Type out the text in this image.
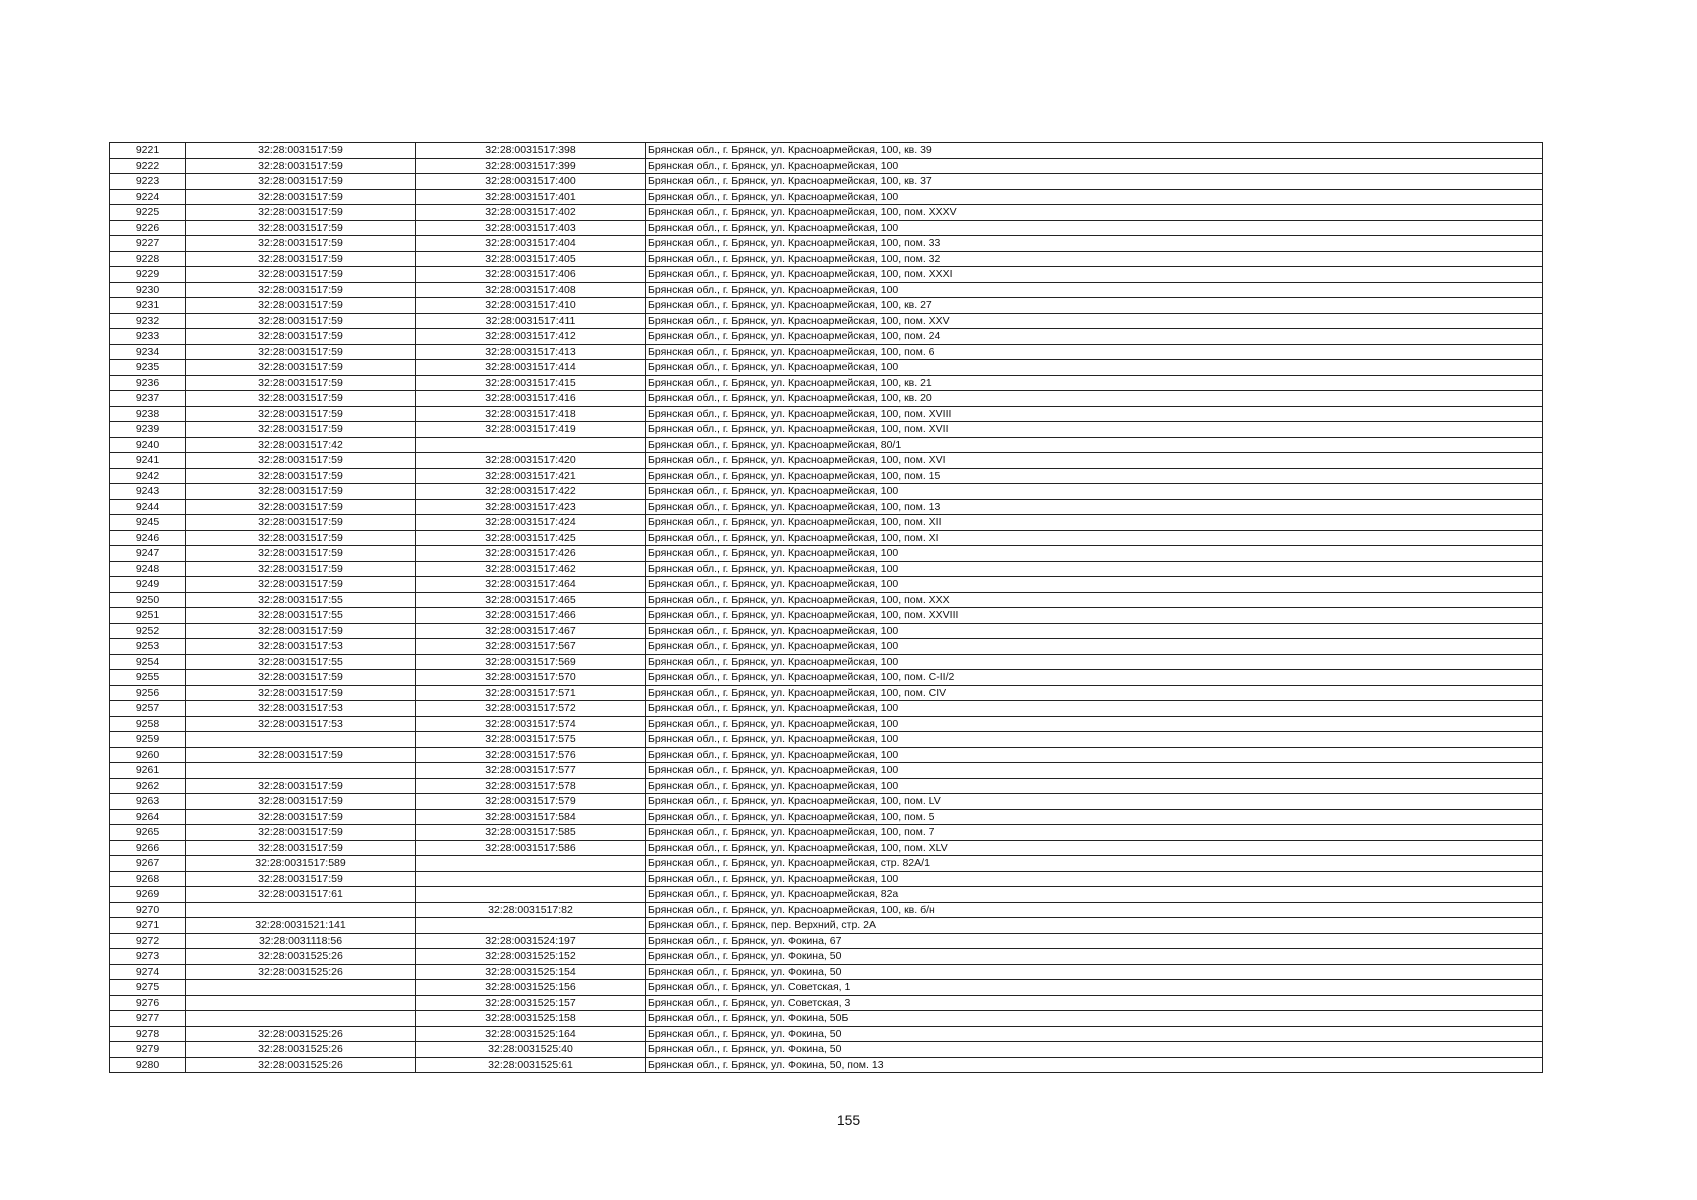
9221	32:28:0031517:59	32:28:0031517:398	Брянская обл., г. Брянск, ул. Красноармейская, 100, кв. 39
9222	32:28:0031517:59	32:28:0031517:399	Брянская обл., г. Брянск, ул. Красноармейская, 100
9223	32:28:0031517:59	32:28:0031517:400	Брянская обл., г. Брянск, ул. Красноармейская, 100, кв. 37
9224	32:28:0031517:59	32:28:0031517:401	Брянская обл., г. Брянск, ул. Красноармейская, 100
9225	32:28:0031517:59	32:28:0031517:402	Брянская обл., г. Брянск, ул. Красноармейская, 100, пом. XXXV
9226	32:28:0031517:59	32:28:0031517:403	Брянская обл., г. Брянск, ул. Красноармейская, 100
9227	32:28:0031517:59	32:28:0031517:404	Брянская обл., г. Брянск, ул. Красноармейская, 100, пом. 33
9228	32:28:0031517:59	32:28:0031517:405	Брянская обл., г. Брянск, ул. Красноармейская, 100, пом. 32
9229	32:28:0031517:59	32:28:0031517:406	Брянская обл., г. Брянск, ул. Красноармейская, 100, пом. XXXI
9230	32:28:0031517:59	32:28:0031517:408	Брянская обл., г. Брянск, ул. Красноармейская, 100
9231	32:28:0031517:59	32:28:0031517:410	Брянская обл., г. Брянск, ул. Красноармейская, 100, кв. 27
9232	32:28:0031517:59	32:28:0031517:411	Брянская обл., г. Брянск, ул. Красноармейская, 100, пом. XXV
9233	32:28:0031517:59	32:28:0031517:412	Брянская обл., г. Брянск, ул. Красноармейская, 100, пом. 24
9234	32:28:0031517:59	32:28:0031517:413	Брянская обл., г. Брянск, ул. Красноармейская, 100, пом. 6
9235	32:28:0031517:59	32:28:0031517:414	Брянская обл., г. Брянск, ул. Красноармейская, 100
9236	32:28:0031517:59	32:28:0031517:415	Брянская обл., г. Брянск, ул. Красноармейская, 100, кв. 21
9237	32:28:0031517:59	32:28:0031517:416	Брянская обл., г. Брянск, ул. Красноармейская, 100, кв. 20
9238	32:28:0031517:59	32:28:0031517:418	Брянская обл., г. Брянск, ул. Красноармейская, 100, пом. XVIII
9239	32:28:0031517:59	32:28:0031517:419	Брянская обл., г. Брянск, ул. Красноармейская, 100, пом. XVII
9240	32:28:0031517:42		Брянская обл., г. Брянск, ул. Красноармейская, 80/1
9241	32:28:0031517:59	32:28:0031517:420	Брянская обл., г. Брянск, ул. Красноармейская, 100, пом. XVI
9242	32:28:0031517:59	32:28:0031517:421	Брянская обл., г. Брянск, ул. Красноармейская, 100, пом. 15
9243	32:28:0031517:59	32:28:0031517:422	Брянская обл., г. Брянск, ул. Красноармейская, 100
9244	32:28:0031517:59	32:28:0031517:423	Брянская обл., г. Брянск, ул. Красноармейская, 100, пом. 13
9245	32:28:0031517:59	32:28:0031517:424	Брянская обл., г. Брянск, ул. Красноармейская, 100, пом. XII
9246	32:28:0031517:59	32:28:0031517:425	Брянская обл., г. Брянск, ул. Красноармейская, 100, пом. XI
9247	32:28:0031517:59	32:28:0031517:426	Брянская обл., г. Брянск, ул. Красноармейская, 100
9248	32:28:0031517:59	32:28:0031517:462	Брянская обл., г. Брянск, ул. Красноармейская, 100
9249	32:28:0031517:59	32:28:0031517:464	Брянская обл., г. Брянск, ул. Красноармейская, 100
9250	32:28:0031517:55	32:28:0031517:465	Брянская обл., г. Брянск, ул. Красноармейская, 100, пом. XXX
9251	32:28:0031517:55	32:28:0031517:466	Брянская обл., г. Брянск, ул. Красноармейская, 100, пом. XXVIII
9252	32:28:0031517:59	32:28:0031517:467	Брянская обл., г. Брянск, ул. Красноармейская, 100
9253	32:28:0031517:53	32:28:0031517:567	Брянская обл., г. Брянск, ул. Красноармейская, 100
9254	32:28:0031517:55	32:28:0031517:569	Брянская обл., г. Брянск, ул. Красноармейская, 100
9255	32:28:0031517:59	32:28:0031517:570	Брянская обл., г. Брянск, ул. Красноармейская, 100, пом. С-II/2
9256	32:28:0031517:59	32:28:0031517:571	Брянская обл., г. Брянск, ул. Красноармейская, 100, пом. CIV
9257	32:28:0031517:53	32:28:0031517:572	Брянская обл., г. Брянск, ул. Красноармейская, 100
9258	32:28:0031517:53	32:28:0031517:574	Брянская обл., г. Брянск, ул. Красноармейская, 100
9259		32:28:0031517:575	Брянская обл., г. Брянск, ул. Красноармейская, 100
9260	32:28:0031517:59	32:28:0031517:576	Брянская обл., г. Брянск, ул. Красноармейская, 100
9261		32:28:0031517:577	Брянская обл., г. Брянск, ул. Красноармейская, 100
9262	32:28:0031517:59	32:28:0031517:578	Брянская обл., г. Брянск, ул. Красноармейская, 100
9263	32:28:0031517:59	32:28:0031517:579	Брянская обл., г. Брянск, ул. Красноармейская, 100, пом. LV
9264	32:28:0031517:59	32:28:0031517:584	Брянская обл., г. Брянск, ул. Красноармейская, 100, пом. 5
9265	32:28:0031517:59	32:28:0031517:585	Брянская обл., г. Брянск, ул. Красноармейская, 100, пом. 7
9266	32:28:0031517:59	32:28:0031517:586	Брянская обл., г. Брянск, ул. Красноармейская, 100, пом. XLV
9267	32:28:0031517:589		Брянская обл., г. Брянск, ул. Красноармейская, стр. 82А/1
9268	32:28:0031517:59		Брянская обл., г. Брянск, ул. Красноармейская, 100
9269	32:28:0031517:61		Брянская обл., г. Брянск, ул. Красноармейская, 82а
9270		32:28:0031517:82	Брянская обл., г. Брянск, ул. Красноармейская, 100, кв. б/н
9271	32:28:0031521:141		Брянская обл., г. Брянск, пер. Верхний, стр. 2А
9272	32:28:0031118:56	32:28:0031524:197	Брянская обл., г. Брянск, ул. Фокина, 67
9273	32:28:0031525:26	32:28:0031525:152	Брянская обл., г. Брянск, ул. Фокина, 50
9274	32:28:0031525:26	32:28:0031525:154	Брянская обл., г. Брянск, ул. Фокина, 50
9275		32:28:0031525:156	Брянская обл., г. Брянск, ул. Советская, 1
9276		32:28:0031525:157	Брянская обл., г. Брянск, ул. Советская, 3
9277		32:28:0031525:158	Брянская обл., г. Брянск, ул. Фокина, 50Б
9278	32:28:0031525:26	32:28:0031525:164	Брянская обл., г. Брянск, ул. Фокина, 50
9279	32:28:0031525:26	32:28:0031525:40	Брянская обл., г. Брянск, ул. Фокина, 50
9280	32:28:0031525:26	32:28:0031525:61	Брянская обл., г. Брянск, ул. Фокина, 50, пом. 13
155
